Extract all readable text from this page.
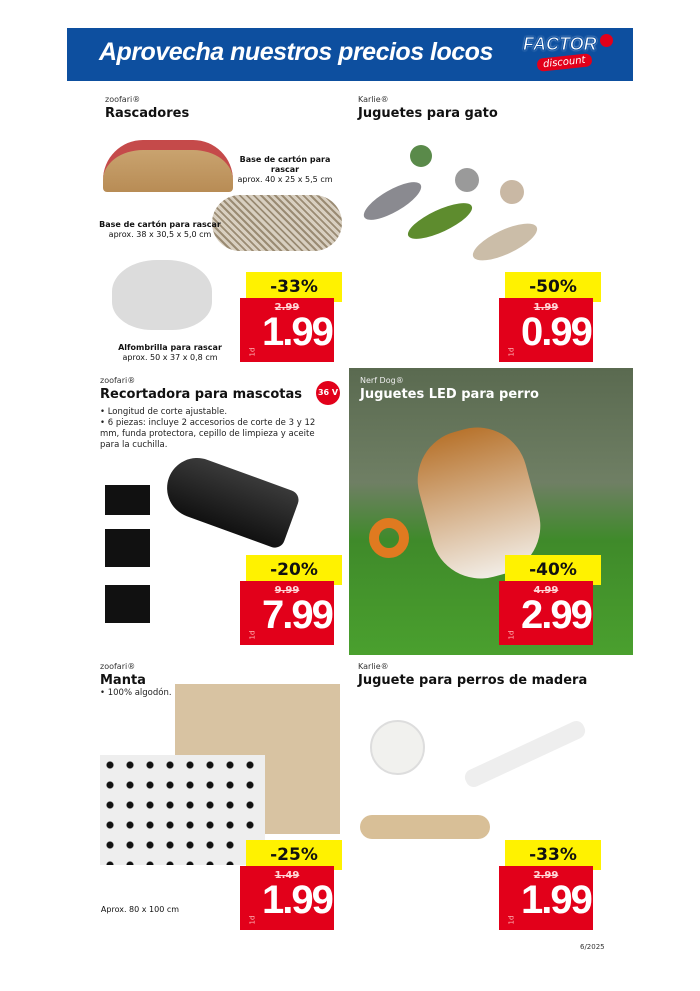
Aprovecha nuestros precios locos FACTOR
discount
zoofari®
Rascadores
Base de cartón para rascar
aprox. 40 x 25 x 5,5 cm
Base de cartón para rascar
aprox. 38 x 30,5 x 5,0 cm
Alfombrilla para rascar
aprox. 50 x 37 x 0,8 cm
-33%
2.99
1.99
1d
Karlie®
Juguetes para gato
-50%
1.99
0.99
1d
zoofari®
Recortadora para mascotas	36 V
• Longitud de corte ajustable.
• 6 piezas: incluye 2 accesorios de corte de 3 y 12 mm, funda protectora, cepillo de limpieza y aceite para la cuchilla.
-20%
9.99
7.99
1d
Nerf Dog®
Juguetes LED para perro
-40%
4.99
2.99
1d
zoofari®
Manta
• 100% algodón.
Aprox. 80 x 100 cm
-25%
1.49
1.99
1d
Karlie®
Juguete para perros de madera
-33%
2.99
1.99
1d
6/2025
